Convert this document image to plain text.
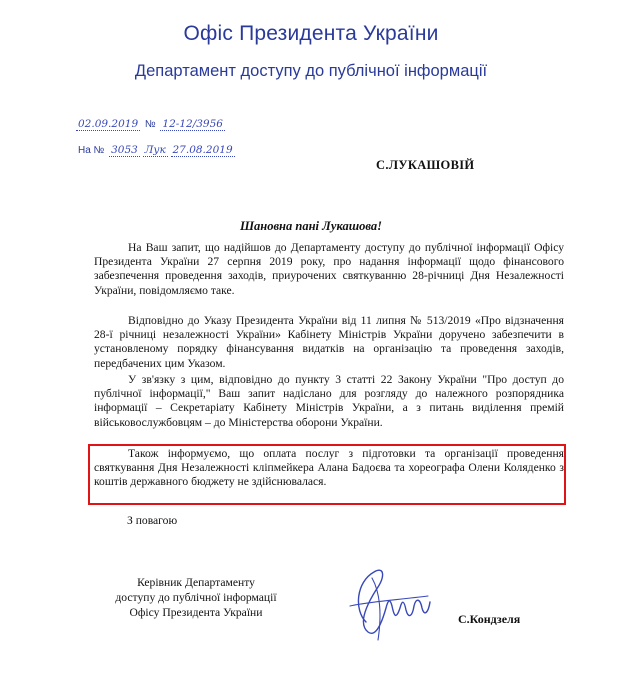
Офіс Президента України
Департамент доступу до публічної інформації
02.09.2019 № 12-12/3956
На № 3053 Лук 27.08.2019
С.ЛУКАШОВІЙ
Шановна пані Лукашова!

На Ваш запит, що надійшов до Департаменту доступу до публічної інформації Офісу Президента України 27 серпня 2019 року, про надання інформації щодо фінансового забезпечення проведення заходів, приурочених святкуванню 28-річниці Дня Незалежності України, повідомляємо таке.

Відповідно до Указу Президента України від 11 липня № 513/2019 «Про відзначення 28-ї річниці незалежності України» Кабінету Міністрів України доручено забезпечити в установленому порядку фінансування видатків на організацію та проведення заходів, передбачених цим Указом.

У зв'язку з цим, відповідно до пункту 3 статті 22 Закону України "Про доступ до публічної інформації," Ваш запит надіслано для розгляду до належного розпорядника інформації – Секретаріату Кабінету Міністрів України, а з питань виділення премій військовослужбовцям – до Міністерства оборони України.

Також інформуємо, що оплата послуг з підготовки та організації проведення святкування Дня Незалежності кліпмейкера Алана Бадоєва та хореографа Олени Коляденко з коштів державного бюджету не здійснювалася.

З повагою
Керівник Департаменту
доступу до публічної інформації
Офісу Президента України	С.Кондзеля
